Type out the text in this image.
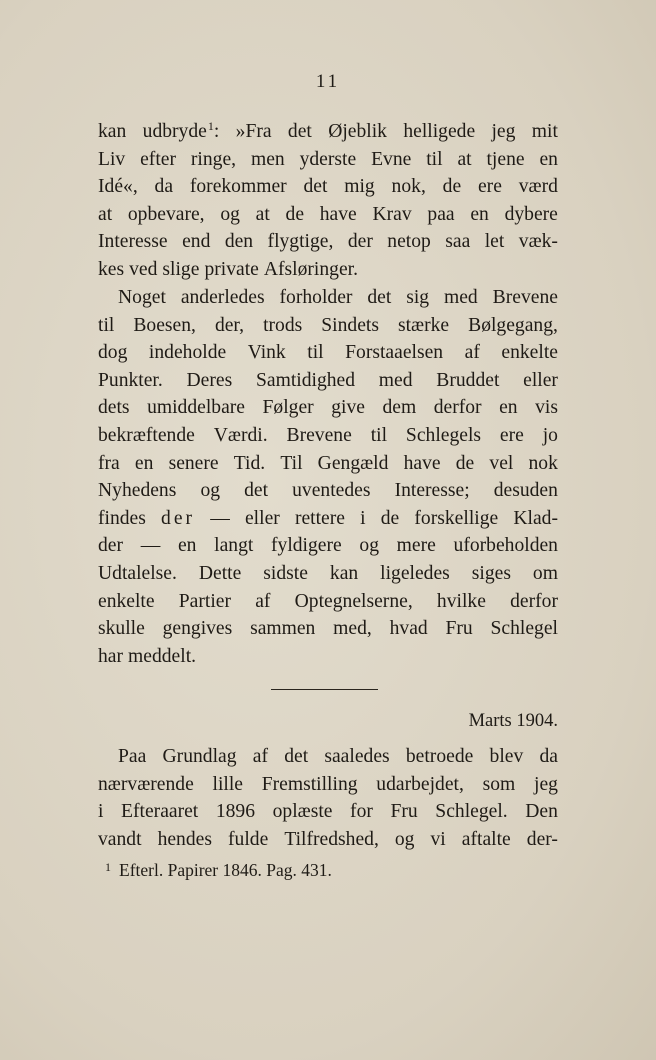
11
kan udbryde$^1$: »Fra det Øjeblik helligede jeg mit
Liv efter ringe, men yderste Evne til at tjene en
Idé«, da forekommer det mig nok, de ere værd
at opbevare, og at de have Krav paa en dybere
Interesse end den flygtige, der netop saa let væk-
kes ved slige private Afsløringer.
Noget anderledes forholder det sig med Brevene
til Boesen, der, trods Sindets stærke Bølgegang,
dog indeholde Vink til Forstaaelsen af enkelte
Punkter. Deres Samtidighed med Bruddet eller
dets umiddelbare Følger give dem derfor en vis
bekræftende Værdi. Brevene til Schlegels ere jo
fra en senere Tid. Til Gengæld have de vel nok
Nyhedens og det uventedes Interesse; desuden
findes der — eller rettere i de forskellige Klad-
der — en langt fyldigere og mere uforbeholden
Udtalelse. Dette sidste kan ligeledes siges om
enkelte Partier af Optegnelserne, hvilke derfor
skulle gengives sammen med, hvad Fru Schlegel
har meddelt.
Marts 1904.
Paa Grundlag af det saaledes betroede blev da
nærværende lille Fremstilling udarbejdet, som jeg
i Efteraaret 1896 oplæste for Fru Schlegel. Den
vandt hendes fulde Tilfredshed, og vi aftalte der-
$^1$ Efterl. Papirer 1846. Pag. 431.
